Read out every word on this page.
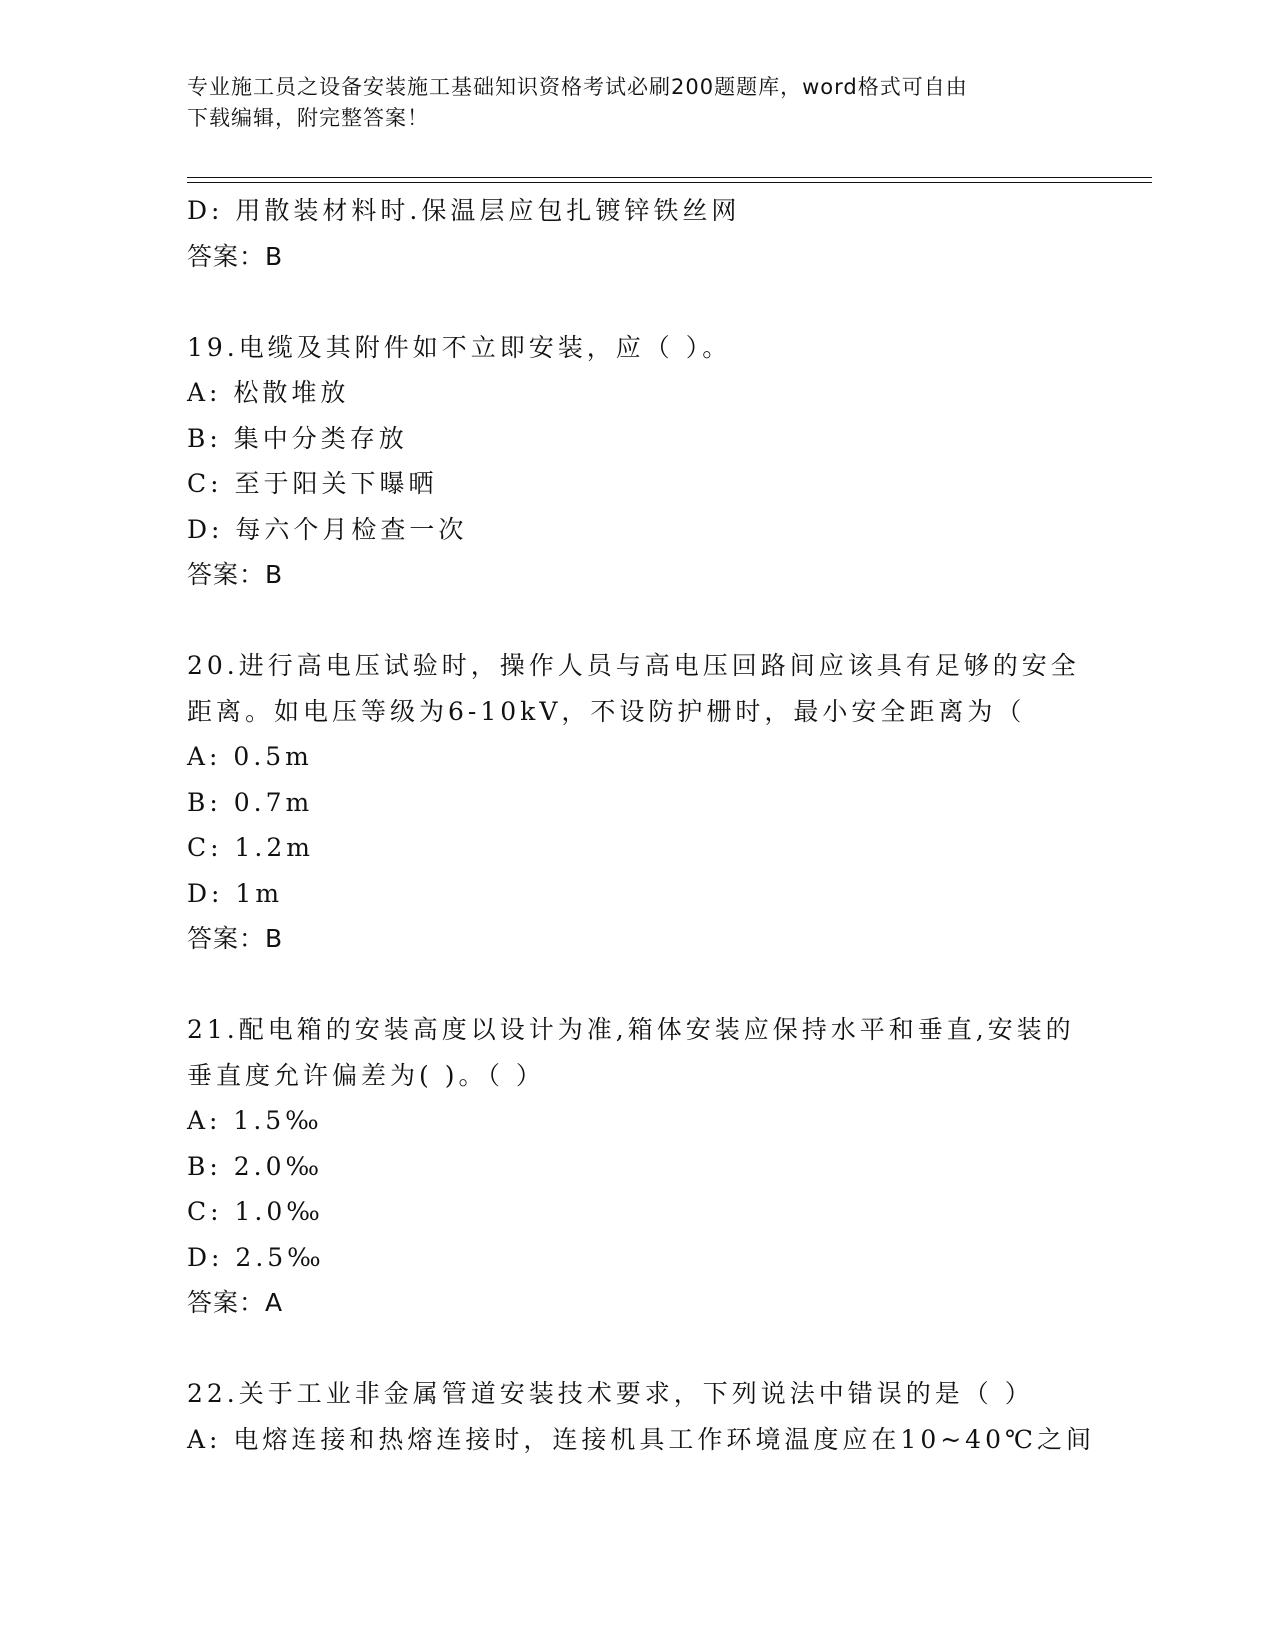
专业施工员之设备安装施工基础知识资格考试必刷200题题库，word格式可自由
下载编辑，附完整答案！
D: 用散装材料时.保温层应包扎镀锌铁丝网
答案：B
19.电缆及其附件如不立即安装，应（ ）。
A: 松散堆放
B: 集中分类存放
C: 至于阳关下曝晒
D: 每六个月检查一次
答案：B
20.进行高电压试验时，操作人员与高电压回路间应该具有足够的安全
距离。如电压等级为6-10kV，不设防护栅时，最小安全距离为（
A: 0.5m
B: 0.7m
C: 1.2m
D: 1m
答案：B
21.配电箱的安装高度以设计为准,箱体安装应保持水平和垂直,安装的
垂直度允许偏差为( )。（ ）
A: 1.5‰
B: 2.0‰
C: 1.0‰
D: 2.5‰
答案：A
22.关于工业非金属管道安装技术要求，下列说法中错误的是（ ）
A: 电熔连接和热熔连接时，连接机具工作环境温度应在10~40℃之间
